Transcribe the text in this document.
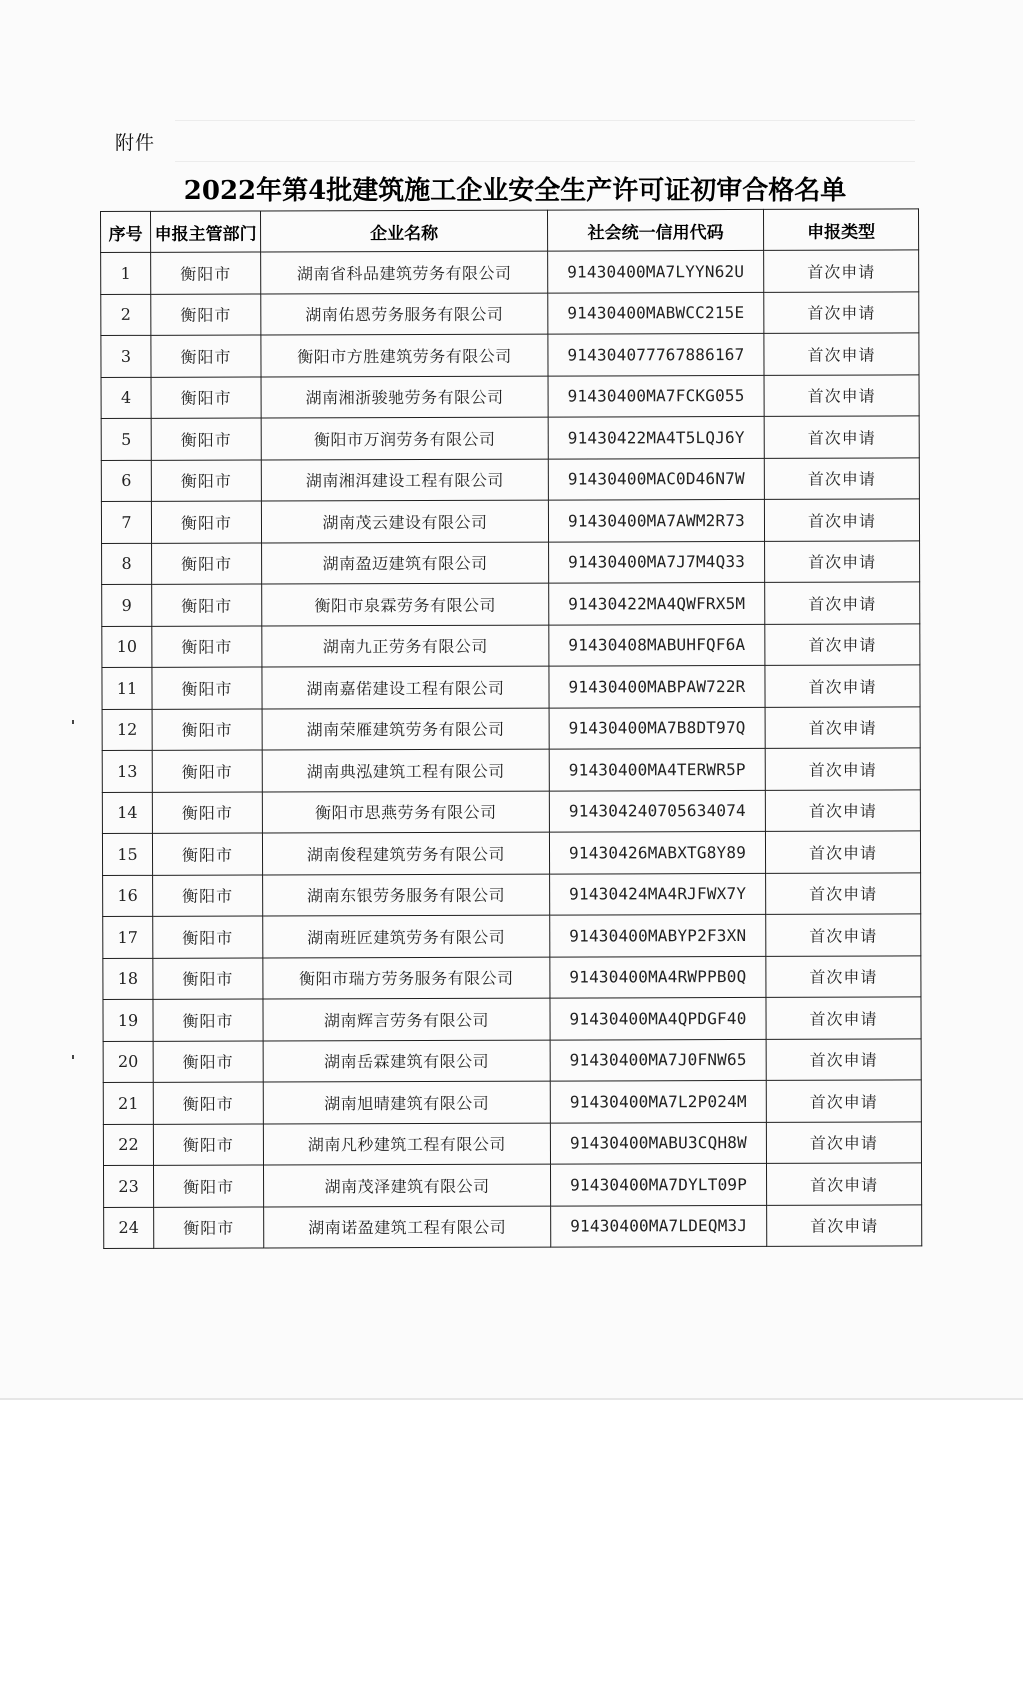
附件
2022年第4批建筑施工企业安全生产许可证初审合格名单
序号	申报主管部门	企业名称	社会统一信用代码	申报类型
1	衡阳市	湖南省科品建筑劳务有限公司	91430400MA7LYYN62U	首次申请
2	衡阳市	湖南佑恩劳务服务有限公司	91430400MABWCC215E	首次申请
3	衡阳市	衡阳市方胜建筑劳务有限公司	914304077767886167	首次申请
4	衡阳市	湖南湘浙骏驰劳务有限公司	91430400MA7FCKG055	首次申请
5	衡阳市	衡阳市万润劳务有限公司	91430422MA4T5LQJ6Y	首次申请
6	衡阳市	湖南湘洱建设工程有限公司	91430400MAC0D46N7W	首次申请
7	衡阳市	湖南茂云建设有限公司	91430400MA7AWM2R73	首次申请
8	衡阳市	湖南盈迈建筑有限公司	91430400MA7J7M4Q33	首次申请
9	衡阳市	衡阳市泉霖劳务有限公司	91430422MA4QWFRX5M	首次申请
10	衡阳市	湖南九正劳务有限公司	91430408MABUHFQF6A	首次申请
11	衡阳市	湖南嘉偌建设工程有限公司	91430400MABPAW722R	首次申请
12	衡阳市	湖南荣雁建筑劳务有限公司	91430400MA7B8DT97Q	首次申请
13	衡阳市	湖南典泓建筑工程有限公司	91430400MA4TERWR5P	首次申请
14	衡阳市	衡阳市思燕劳务有限公司	914304240705634074	首次申请
15	衡阳市	湖南俊程建筑劳务有限公司	91430426MABXTG8Y89	首次申请
16	衡阳市	湖南东银劳务服务有限公司	91430424MA4RJFWX7Y	首次申请
17	衡阳市	湖南班匠建筑劳务有限公司	91430400MABYP2F3XN	首次申请
18	衡阳市	衡阳市瑞方劳务服务有限公司	91430400MA4RWPPB0Q	首次申请
19	衡阳市	湖南辉言劳务有限公司	91430400MA4QPDGF40	首次申请
20	衡阳市	湖南岳霖建筑有限公司	91430400MA7J0FNW65	首次申请
21	衡阳市	湖南旭晴建筑有限公司	91430400MA7L2P024M	首次申请
22	衡阳市	湖南凡秒建筑工程有限公司	91430400MABU3CQH8W	首次申请
23	衡阳市	湖南茂泽建筑有限公司	91430400MA7DYLT09P	首次申请
24	衡阳市	湖南诺盈建筑工程有限公司	91430400MA7LDEQM3J	首次申请
